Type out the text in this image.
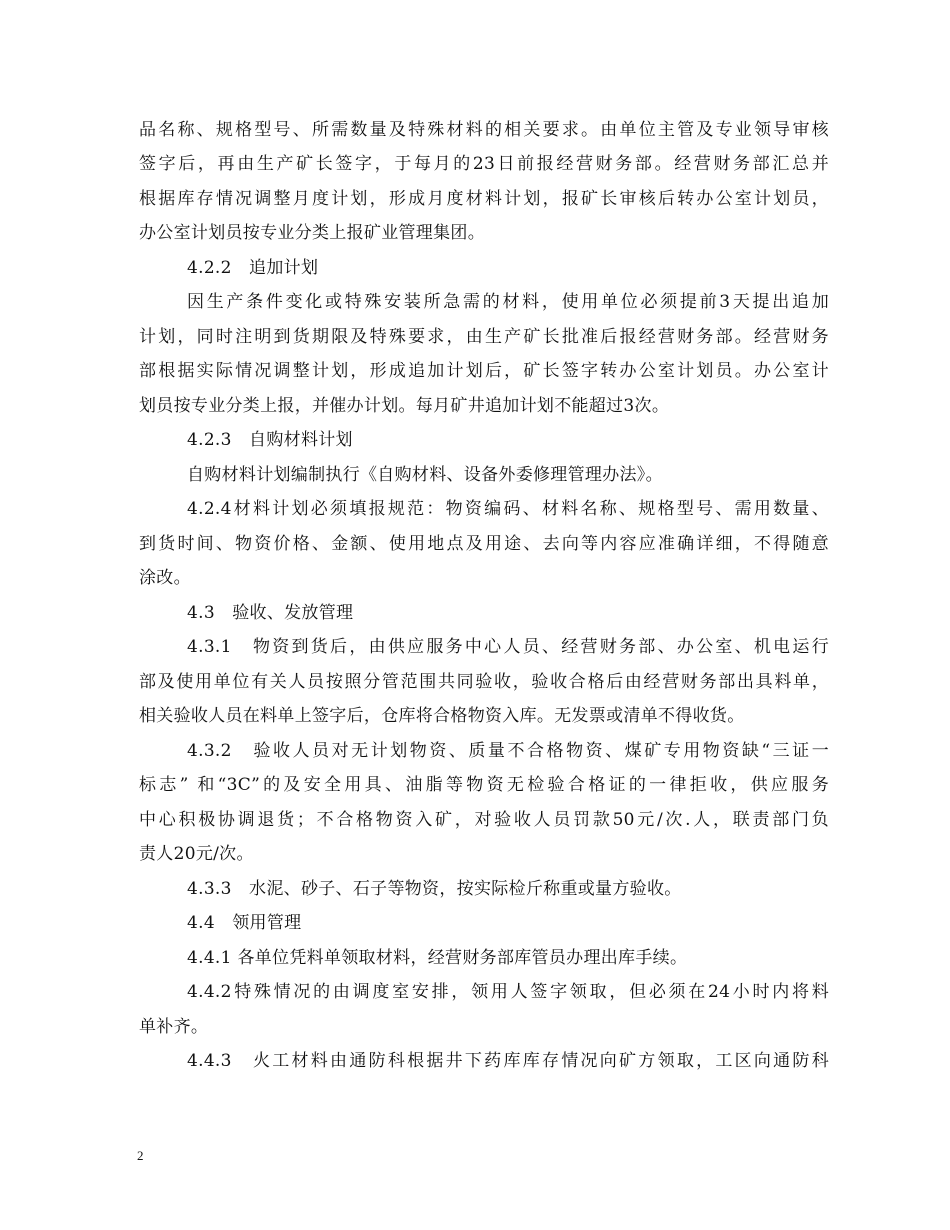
品名称、规格型号、所需数量及特殊材料的相关要求。由单位主管及专业领导审核
签字后，再由生产矿长签字，于每月的23日前报经营财务部。经营财务部汇总并
根据库存情况调整月度计划，形成月度材料计划，报矿长审核后转办公室计划员，
办公室计划员按专业分类上报矿业管理集团。
4.2.2　追加计划
因生产条件变化或特殊安装所急需的材料，使用单位必须提前3天提出追加
计划，同时注明到货期限及特殊要求，由生产矿长批准后报经营财务部。经营财务
部根据实际情况调整计划，形成追加计划后，矿长签字转办公室计划员。办公室计
划员按专业分类上报，并催办计划。每月矿井追加计划不能超过3次。
4.2.3　自购材料计划
自购材料计划编制执行《自购材料、设备外委修理管理办法》。
4.2.4材料计划必须填报规范：物资编码、材料名称、规格型号、需用数量、
到货时间、物资价格、金额、使用地点及用途、去向等内容应准确详细，不得随意
涂改。
4.3　验收、发放管理
4.3.1　物资到货后，由供应服务中心人员、经营财务部、办公室、机电运行
部及使用单位有关人员按照分管范围共同验收，验收合格后由经营财务部出具料单，
相关验收人员在料单上签字后，仓库将合格物资入库。无发票或清单不得收货。
4.3.2　验收人员对无计划物资、质量不合格物资、煤矿专用物资缺“三证一
标志” 和“3C”的及安全用具、油脂等物资无检验合格证的一律拒收，供应服务
中心积极协调退货；不合格物资入矿，对验收人员罚款50元/次.人，联责部门负
责人20元/次。
4.3.3　水泥、砂子、石子等物资，按实际检斤称重或量方验收。
4.4　领用管理
4.4.1 各单位凭料单领取材料，经营财务部库管员办理出库手续。
4.4.2特殊情况的由调度室安排，领用人签字领取，但必须在24小时内将料
单补齐。
4.4.3　火工材料由通防科根据井下药库库存情况向矿方领取，工区向通防科
2
